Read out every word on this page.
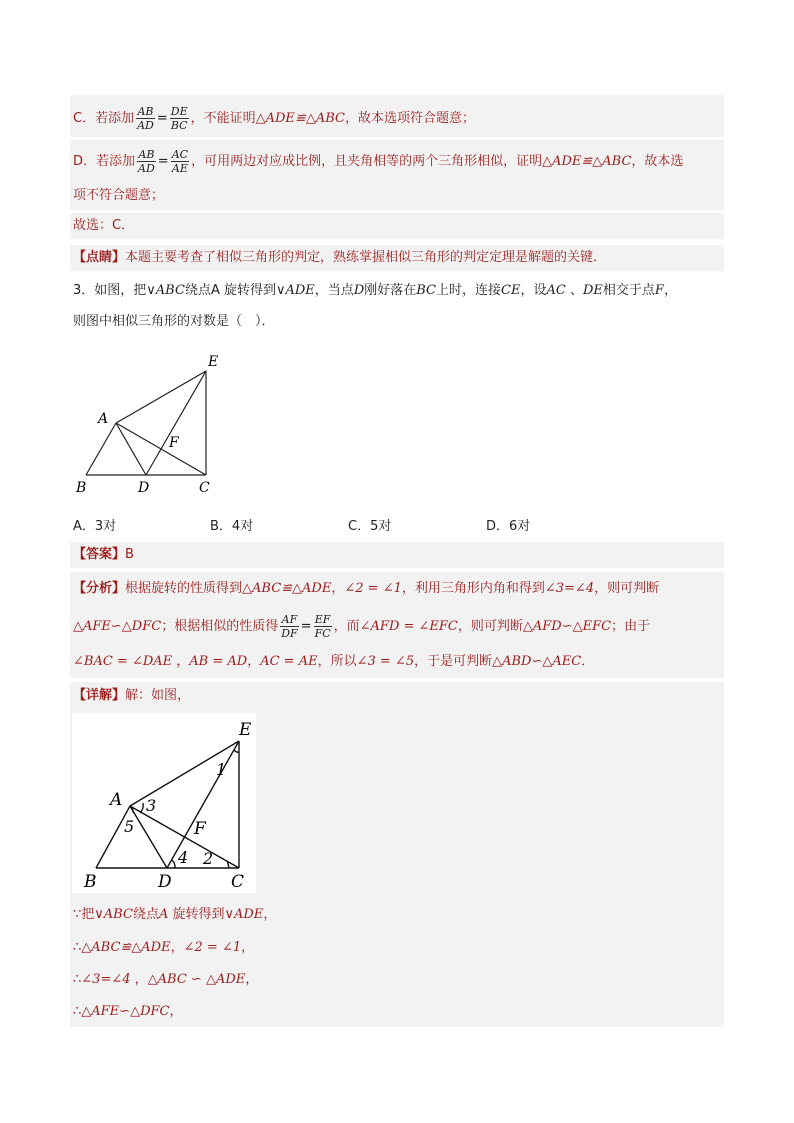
C．若添加 $\frac{AB}{AD} = \frac{DE}{BC}$ ，不能证明△ADE≌△ABC，故本选项符合题意；
D．若添加 $\frac{AB}{AD} = \frac{AC}{AE}$ ，可用两边对应成比例，且夹角相等的两个三角形相似，证明△ADE≌△ABC，故本选
项不符合题意；
故选：C．
【点睛】本题主要考查了相似三角形的判定，熟练掌握相似三角形的判定定理是解题的关键．
3．如图，把∨ABC绕点A 旋转得到∨ADE，当点D刚好落在BC上时，连接CE，设AC 、DE相交于点F，
则图中相似三角形的对数是（　）．
E
A
F
B	D	C
A．3对	B．4对	C．5对	D．6对
【答案】B
【分析】根据旋转的性质得到△ABC≌△ADE，∠2 = ∠1，利用三角形内角和得到∠3=∠4，则可判断
△AFE∽△DFC；根据相似的性质得 $\frac{AF}{DF} = \frac{EF}{FC}$ ，而∠AFD = ∠EFC，则可判断△AFD∽△EFC；由于
∠BAC = ∠DAE ，AB = AD，AC = AE，所以∠3 = ∠5，于是可判断△ABD∽△AEC．
【详解】解：如图，
E
A
F
B	D	C
1
3
5
4 2
∵把∨ABC绕点A 旋转得到∨ADE，
∴△ABC≌△ADE，∠2 = ∠1，
∴∠3=∠4 ，△ABC ∽ △ADE，
∴△AFE∽△DFC，
